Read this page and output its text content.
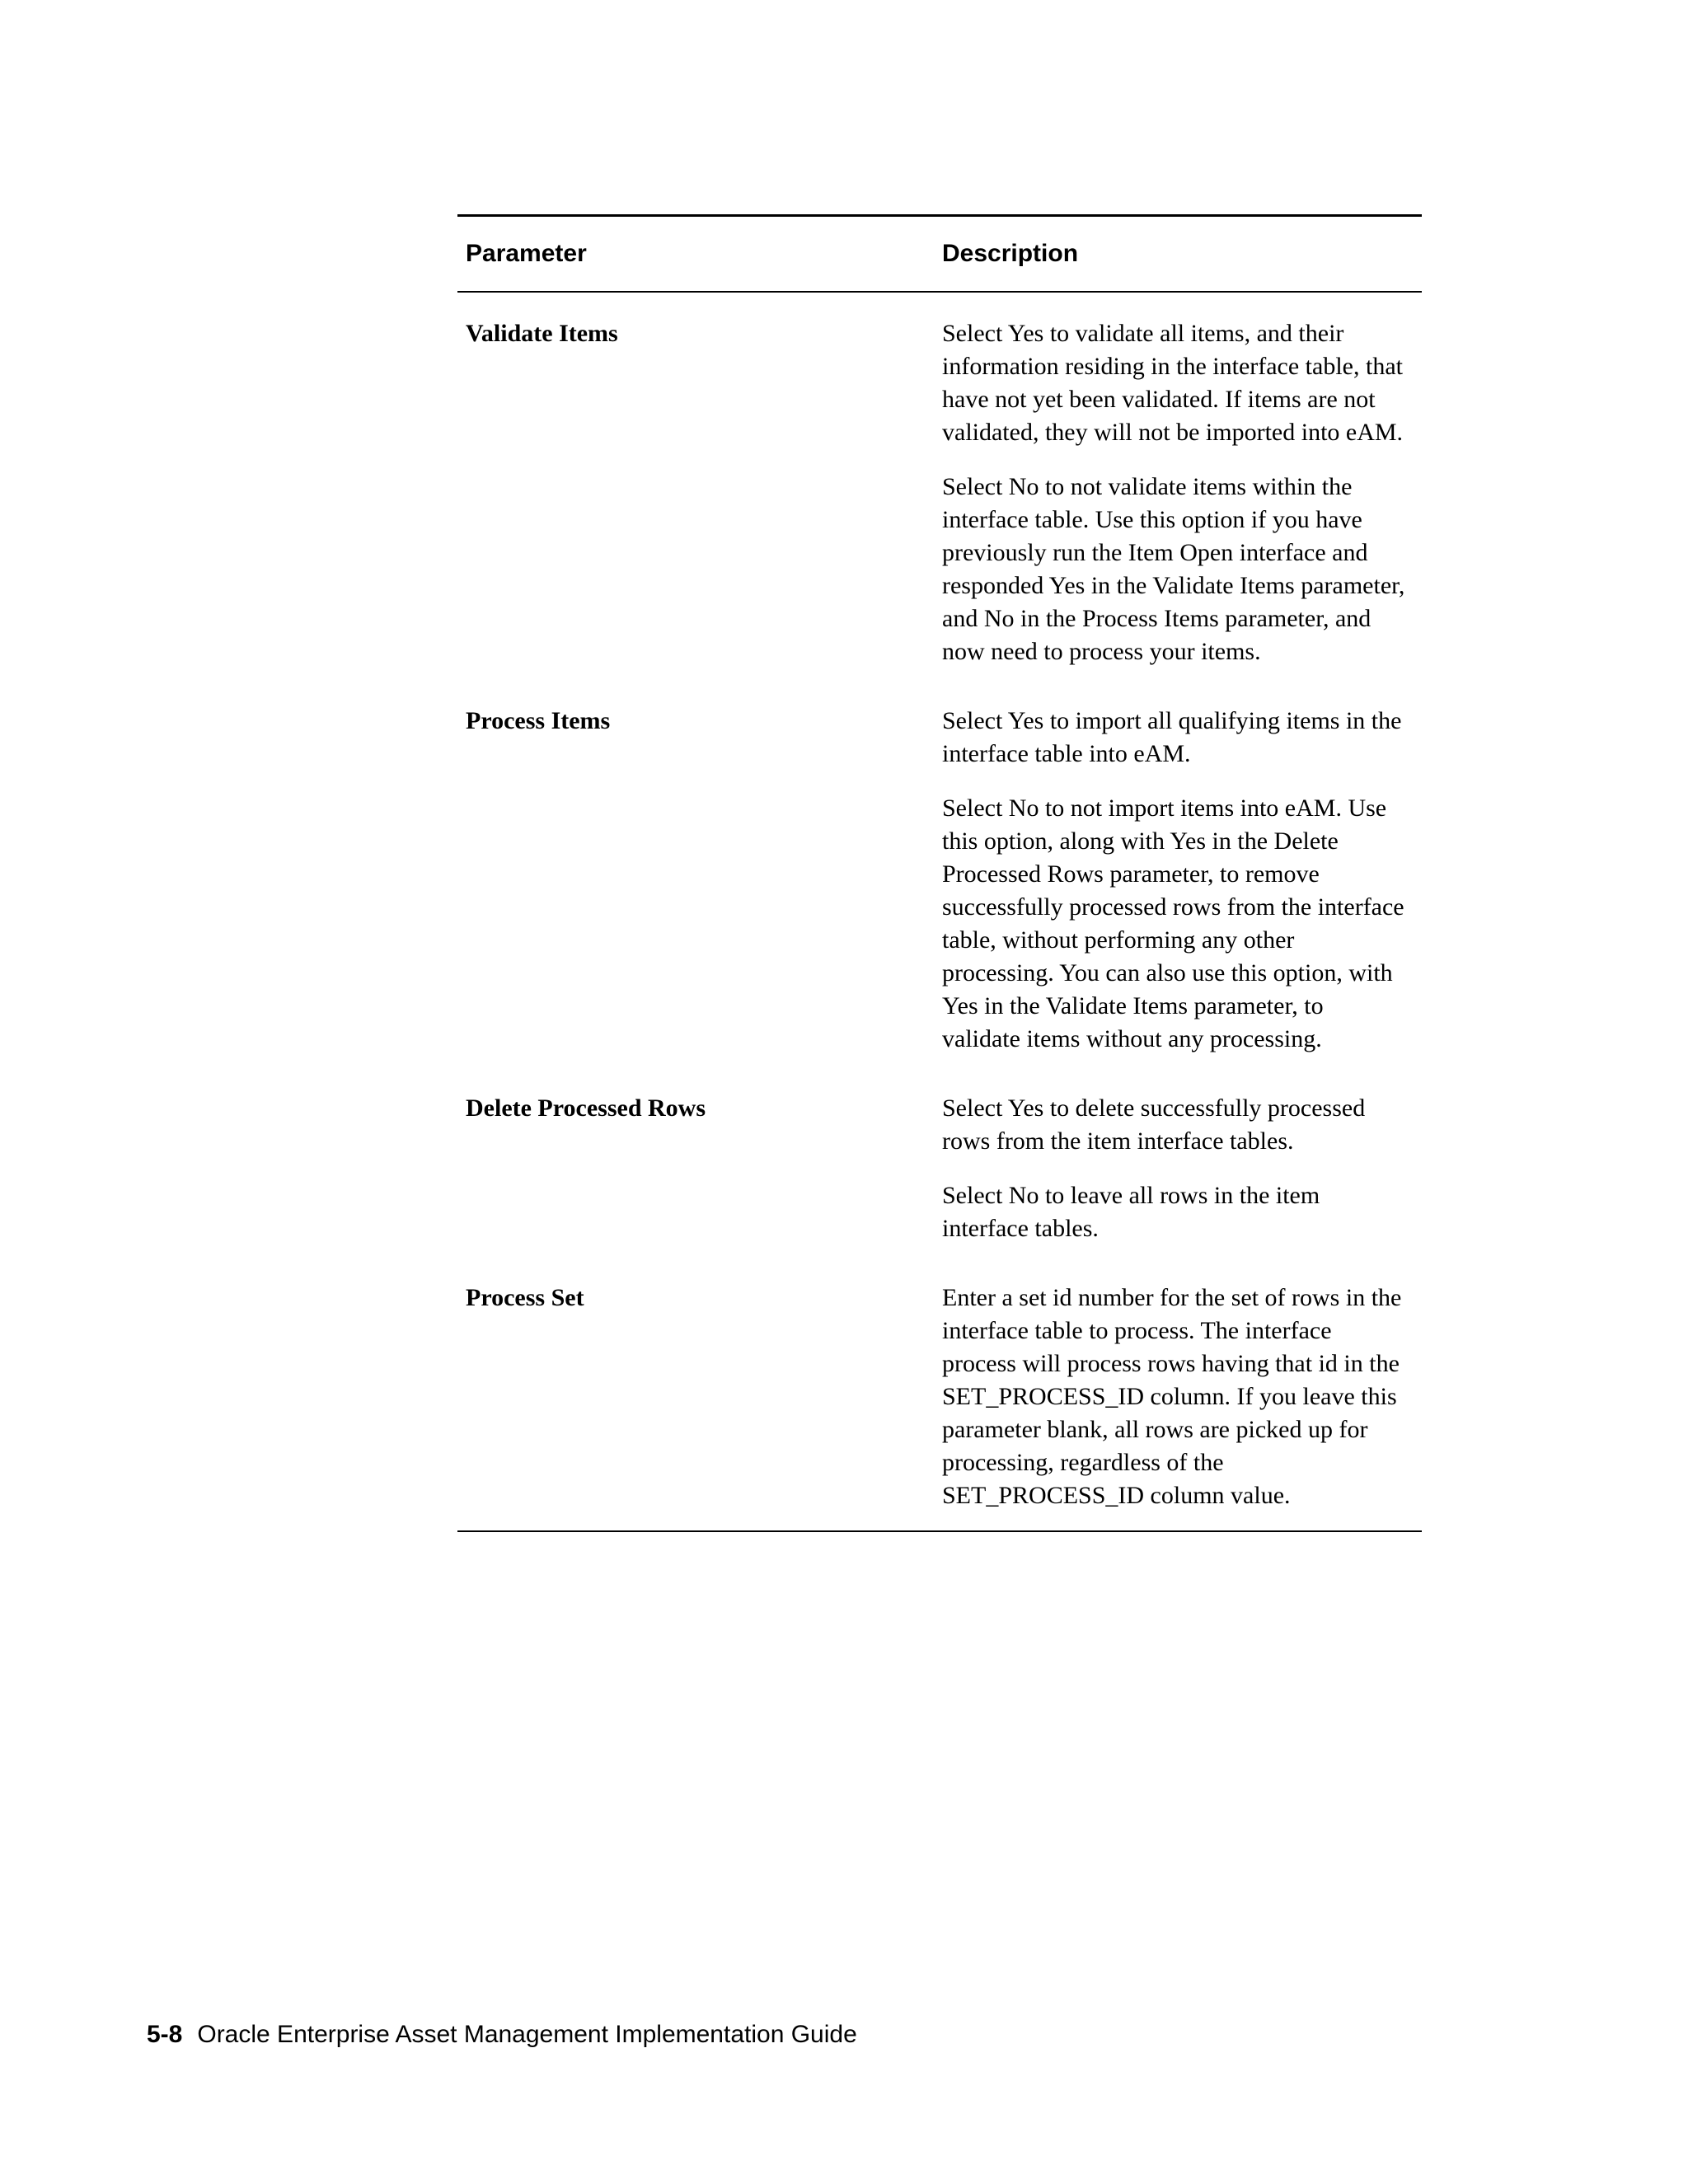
Parameter	Description
Validate Items	Select Yes to validate all items, and their information residing in the interface table, that have not yet been validated. If items are not validated, they will not be imported into eAM.

Select No to not validate items within the interface table. Use this option if you have previously run the Item Open interface and responded Yes in the Validate Items parameter, and No in the Process Items parameter, and now need to process your items.

Process Items	Select Yes to import all qualifying items in the interface table into eAM.

Select No to not import items into eAM. Use this option, along with Yes in the Delete Processed Rows parameter, to remove successfully processed rows from the interface table, without performing any other processing. You can also use this option, with Yes in the Validate Items parameter, to validate items without any processing.

Delete Processed Rows	Select Yes to delete successfully processed rows from the item interface tables.

Select No to leave all rows in the item interface tables.

Process Set	Enter a set id number for the set of rows in the interface table to process. The interface process will process rows having that id in the SET_PROCESS_ID column. If you leave this parameter blank, all rows are picked up for processing, regardless of the SET_PROCESS_ID column value.

5-8 Oracle Enterprise Asset Management Implementation Guide
